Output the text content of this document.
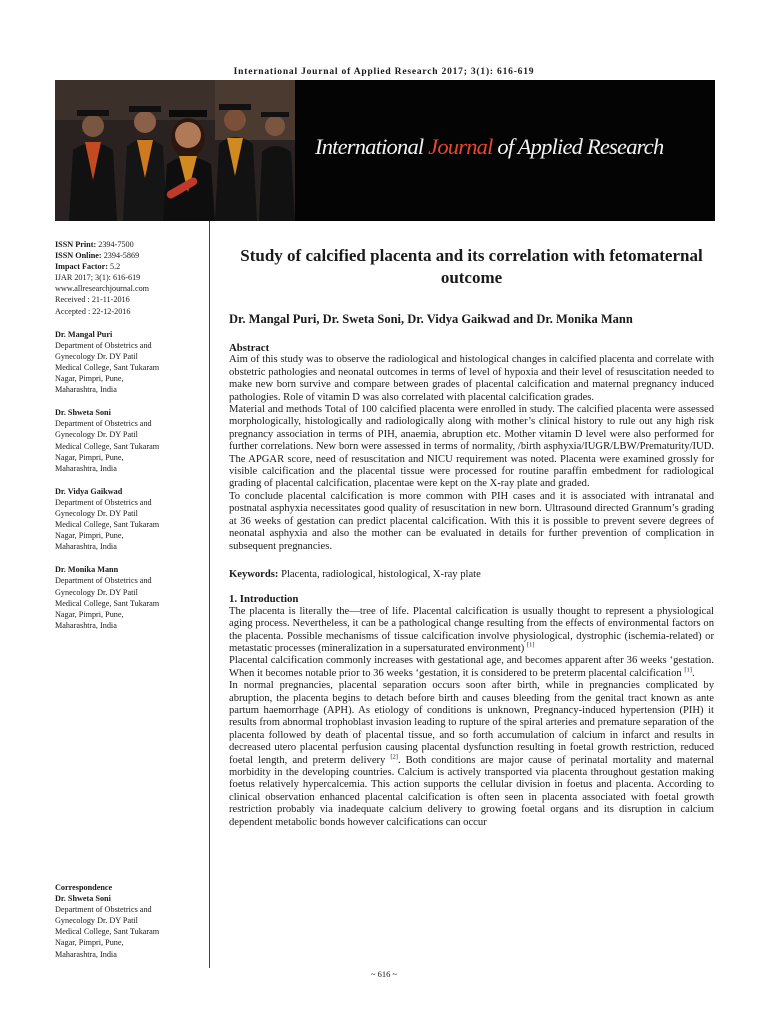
International Journal of Applied Research 2017; 3(1): 616-619
International Journal of Applied Research
ISSN Print: 2394-7500
ISSN Online: 2394-5869
Impact Factor: 5.2
IJAR 2017; 3(1): 616-619
www.allresearchjournal.com
Received : 21-11-2016
Accepted : 22-12-2016
Dr. Mangal Puri
Department of Obstetrics and
Gynecology Dr. DY Patil
Medical College, Sant Tukaram
Nagar, Pimpri, Pune,
Maharashtra, India
Dr. Shweta Soni
Department of Obstetrics and
Gynecology Dr. DY Patil
Medical College, Sant Tukaram
Nagar, Pimpri, Pune,
Maharashtra, India
Dr. Vidya Gaikwad
Department of Obstetrics and
Gynecology Dr. DY Patil
Medical College, Sant Tukaram
Nagar, Pimpri, Pune,
Maharashtra, India
Dr. Monika Mann
Department of Obstetrics and
Gynecology Dr. DY Patil
Medical College, Sant Tukaram
Nagar, Pimpri, Pune,
Maharashtra, India
Correspondence
Dr. Shweta Soni
Department of Obstetrics and
Gynecology Dr. DY Patil
Medical College, Sant Tukaram
Nagar, Pimpri, Pune,
Maharashtra, India
Study of calcified placenta and its correlation with fetomaternal outcome
Dr. Mangal Puri, Dr. Sweta Soni, Dr. Vidya Gaikwad and Dr. Monika Mann
Abstract

Aim of this study was to observe the radiological and histological changes in calcified placenta and correlate with obstetric pathologies and neonatal outcomes in terms of level of hypoxia and their level of resuscitation needed to make new born survive and compare between grades of placental calcification and maternal pregnancy induced pathologies. Role of vitamin D was also correlated with placental calcification grades.

Material and methods Total of 100 calcified placenta were enrolled in study. The calcified placenta were assessed morphologically, histologically and radiologically along with mother’s clinical history to rule out any high risk pregnancy association in terms of PIH, anaemia, abruption etc. Mother vitamin D level were also performed for further correlations. New born were assessed in terms of normality, /birth asphyxia/IUGR/LBW/Prematurity/IUD. The APGAR score, need of resuscitation and NICU requirement was noted. Placenta were examined grossly for visible calcification and the placental tissue were processed for routine paraffin embedment for radiological grading of placental calcification, placentae were kept on the X-ray plate and graded.

To conclude placental calcification is more common with PIH cases and it is associated with intranatal and postnatal asphyxia necessitates good quality of resuscitation in new born. Ultrasound directed Grannum’s grading at 36 weeks of gestation can predict placental calcification. With this it is possible to prevent severe degrees of neonatal asphyxia and also the mother can be evaluated in details for further prevention of complication in subsequent pregnancies.

Keywords: Placenta, radiological, histological, X-ray plate

1. Introduction

The placenta is literally the―tree of life. Placental calcification is usually thought to represent a physiological aging process. Nevertheless, it can be a pathological change resulting from the effects of environmental factors on the placenta. Possible mechanisms of tissue calcification involve physiological, dystrophic (ischemia-related) or metastatic processes (mineralization in a supersaturated environment) [1]

Placental calcification commonly increases with gestational age, and becomes apparent after 36 weeks ‘gestation. When it becomes notable prior to 36 weeks ‘gestation, it is considered to be preterm placental calcification [1].

In normal pregnancies, placental separation occurs soon after birth, while in pregnancies complicated by abruption, the placenta begins to detach before birth and causes bleeding from the genital tract known as ante partum haemorrhage (APH). As etiology of conditions is unknown, Pregnancy-induced hypertension (PIH) it results from abnormal trophoblast invasion leading to rupture of the spiral arteries and premature separation of the placenta followed by death of placental tissue, and so forth accumulation of calcium in infarct and results in decreased utero placental perfusion causing placental dysfunction resulting in foetal growth restriction, reduced foetal length, and preterm delivery [2]. Both conditions are major cause of perinatal mortality and maternal morbidity in the developing countries. Calcium is actively transported via placenta throughout gestation making foetus relatively hypercalcemia. This action supports the cellular division in foetus and placenta. According to clinical observation enhanced placental calcification is often seen in placenta associated with foetal growth restriction probably via inadequate calcium delivery to growing foetal organs and its disruption in calcium dependent metabolic bonds however calcifications can occur

~ 616 ~
